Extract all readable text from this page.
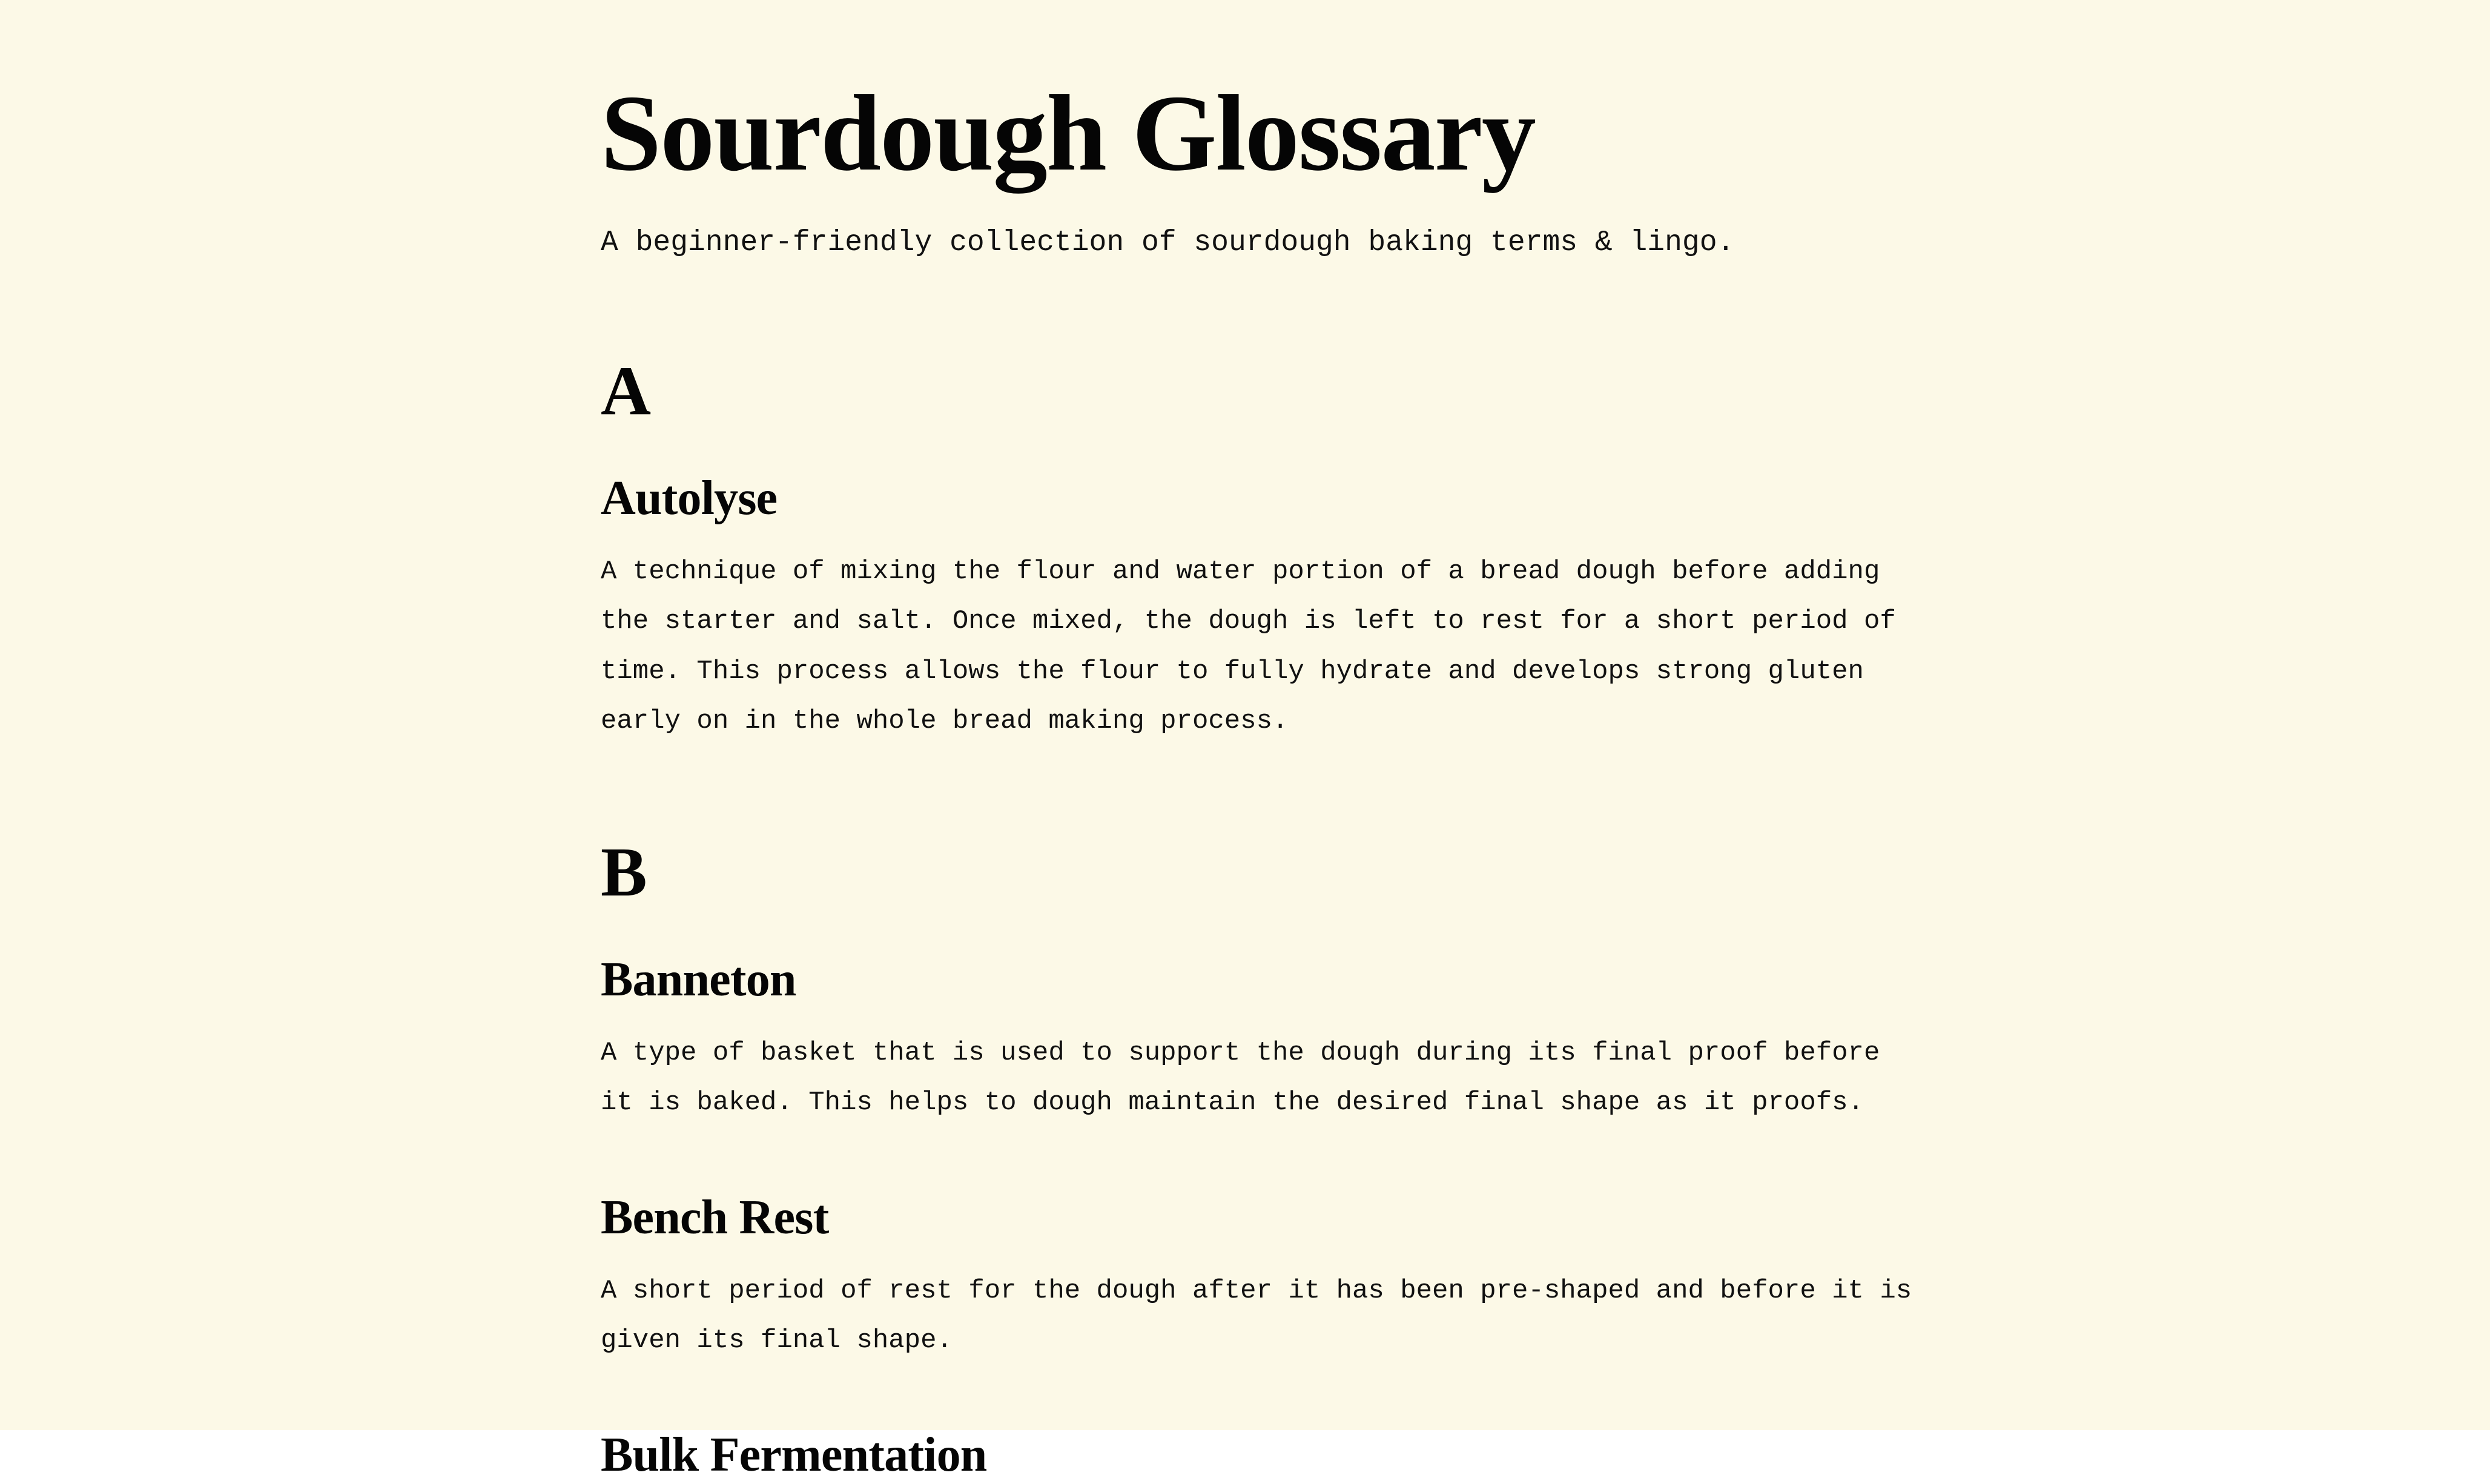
Sourdough Glossary

A beginner-friendly collection of sourdough baking terms & lingo.

A
Autolyse

A technique of mixing the flour and water portion of a bread dough before adding the starter and salt. Once mixed, the dough is left to rest for a short period of time. This process allows the flour to fully hydrate and develops strong gluten early on in the whole bread making process.

B
Banneton

A type of basket that is used to support the dough during its final proof before it is baked. This helps to dough maintain the desired final shape as it proofs.

Bench Rest

A short period of rest for the dough after it has been pre-shaped and before it is given its final shape.

Bulk Fermentation
